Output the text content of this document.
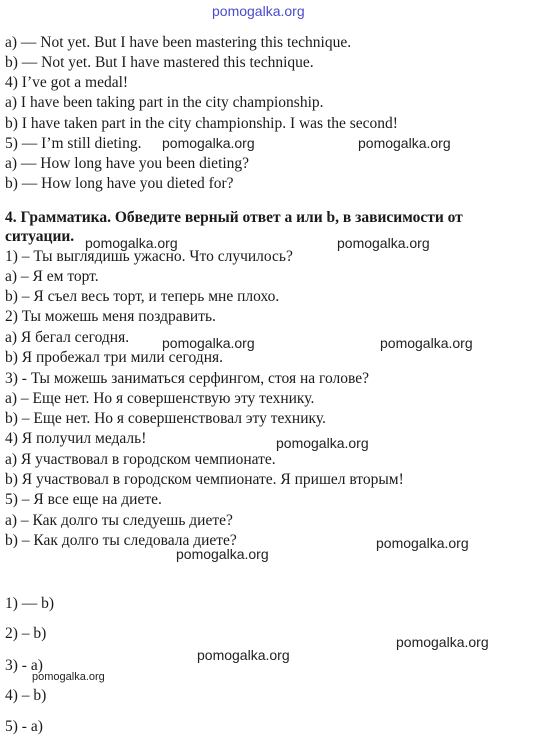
pomogalka.org
a) — Not yet. But I have been mastering this technique.
b) — Not yet. But I have mastered this technique.
4) I’ve got a medal!
a) I have been taking part in the city championship.
b) I have taken part in the city championship. I was the second!
5) — I’m still dieting.
a) — How long have you been dieting?
b) — How long have you dieted for?
4. Грамматика. Обведите верный ответ a или b, в зависимости от
ситуации.
1) – Ты выглядишь ужасно. Что случилось?
a) – Я ем торт.
b) – Я съел весь торт, и теперь мне плохо.
2) Ты можешь меня поздравить.
a) Я бегал сегодня.
b) Я пробежал три мили сегодня.
3) - Ты можешь заниматься серфингом, стоя на голове?
a) – Еще нет. Но я совершенствую эту технику.
b) – Еще нет. Но я совершенствовал эту технику.
4) Я получил медаль!
a) Я участвовал в городском чемпионате.
b) Я участвовал в городском чемпионате. Я пришел вторым!
5) – Я все еще на диете.
a) – Как долго ты следуешь диете?
b) – Как долго ты следовала диете?
1) — b)
2) – b)
3) - a)
4) – b)
5) - a)
pomogalka.org	pomogalka.org
pomogalka.org	pomogalka.org
pomogalka.org	pomogalka.org
pomogalka.org
pomogalka.org
pomogalka.org
pomogalka.org
pomogalka.org
pomogalka.org
